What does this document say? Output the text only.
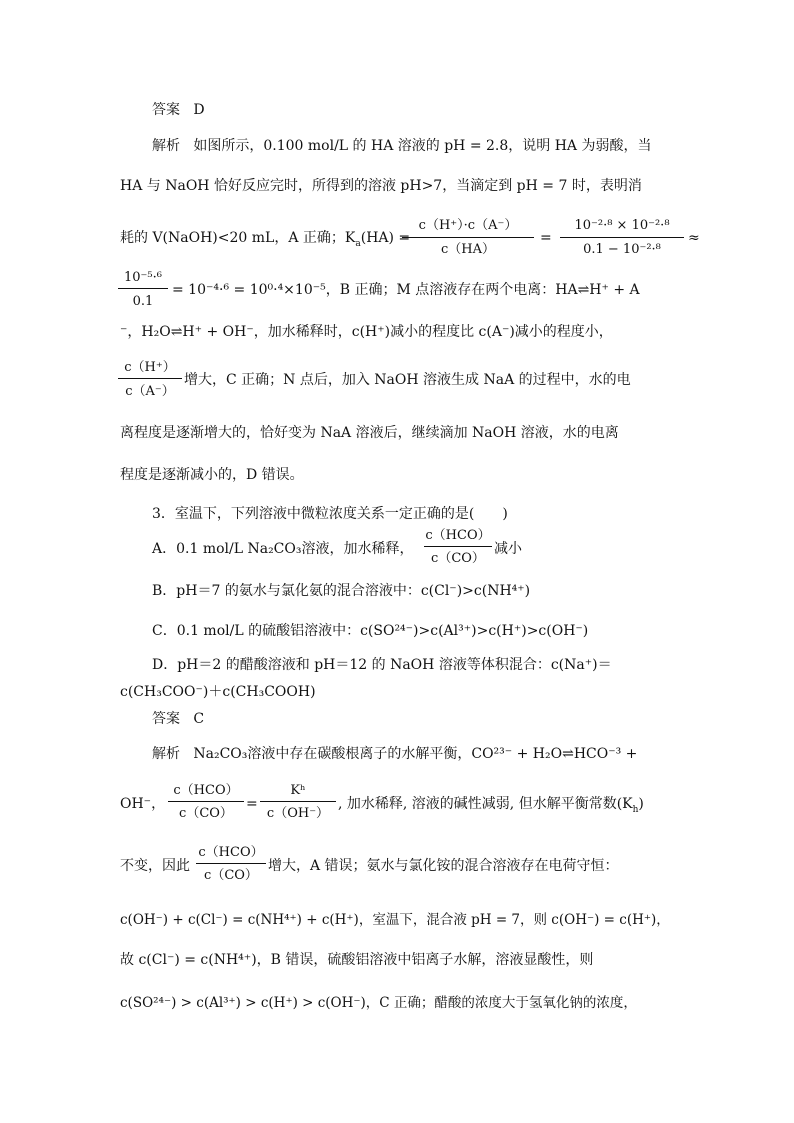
答案 D
解析 如图所示，0.100 mol/L 的 HA 溶液的 pH = 2.8，说明 HA 为弱酸，当
HA 与 NaOH 恰好反应完时，所得到的溶液 pH>7，当滴定到 pH = 7 时，表明消
耗的 V(NaOH)<20 mL，A 正确；$K_a(HA)$ =
c（H⁺）·c（A⁻）
c（HA）
=
10⁻²·⁸ × 10⁻²·⁸
0.1 − 10⁻²·⁸
≈
10⁻⁵·⁶
0.1
= 10⁻⁴·⁶ = 10⁰·⁴×10⁻⁵，B 正确；M 点溶液存在两个电离：HA⇌H⁺ + A
⁻，H₂O⇌H⁺ + OH⁻，加水稀释时，c(H⁺)减小的程度比 c(A⁻)减小的程度小，
c（H⁺）
c（A⁻）
增大，C 正确；N 点后，加入 NaOH 溶液生成 NaA 的过程中，水的电
离程度是逐渐增大的，恰好变为 NaA 溶液后，继续滴加 NaOH 溶液，水的电离
程度是逐渐减小的，D 错误。
3．室温下，下列溶液中微粒浓度关系一定正确的是(　　)
A．0.1 mol/L Na₂CO₃溶液，加水稀释，
c（HCO）
c（CO）
减小
B．pH＝7 的氨水与氯化氨的混合溶液中：c(Cl⁻)>c(NH⁴⁺)
C．0.1 mol/L 的硫酸铝溶液中：c(SO²⁴⁻)>c(Al³⁺)>c(H⁺)>c(OH⁻)
D．pH＝2 的醋酸溶液和 pH＝12 的 NaOH 溶液等体积混合：c(Na⁺)＝
c(CH₃COO⁻)＋c(CH₃COOH)
答案 C
解析 Na₂CO₃溶液中存在碳酸根离子的水解平衡，CO²³⁻ + H₂O⇌HCO⁻³ +
OH⁻，
c（HCO）
c（CO）
=
Kʰ
c（OH⁻）
, 加水稀释, 溶液的碱性减弱, 但水解平衡常数$(K_h)$
不变，因此
c（HCO）
c（CO）
增大，A 错误；氨水与氯化铵的混合溶液存在电荷守恒：
c(OH⁻) + c(Cl⁻) = c(NH⁴⁺) + c(H⁺)，室温下，混合液 pH = 7，则 c(OH⁻) = c(H⁺)，
故 c(Cl⁻) = c(NH⁴⁺)，B 错误，硫酸铝溶液中铝离子水解，溶液显酸性，则
c(SO²⁴⁻) > c(Al³⁺) > c(H⁺) > c(OH⁻)，C 正确；醋酸的浓度大于氢氧化钠的浓度，
